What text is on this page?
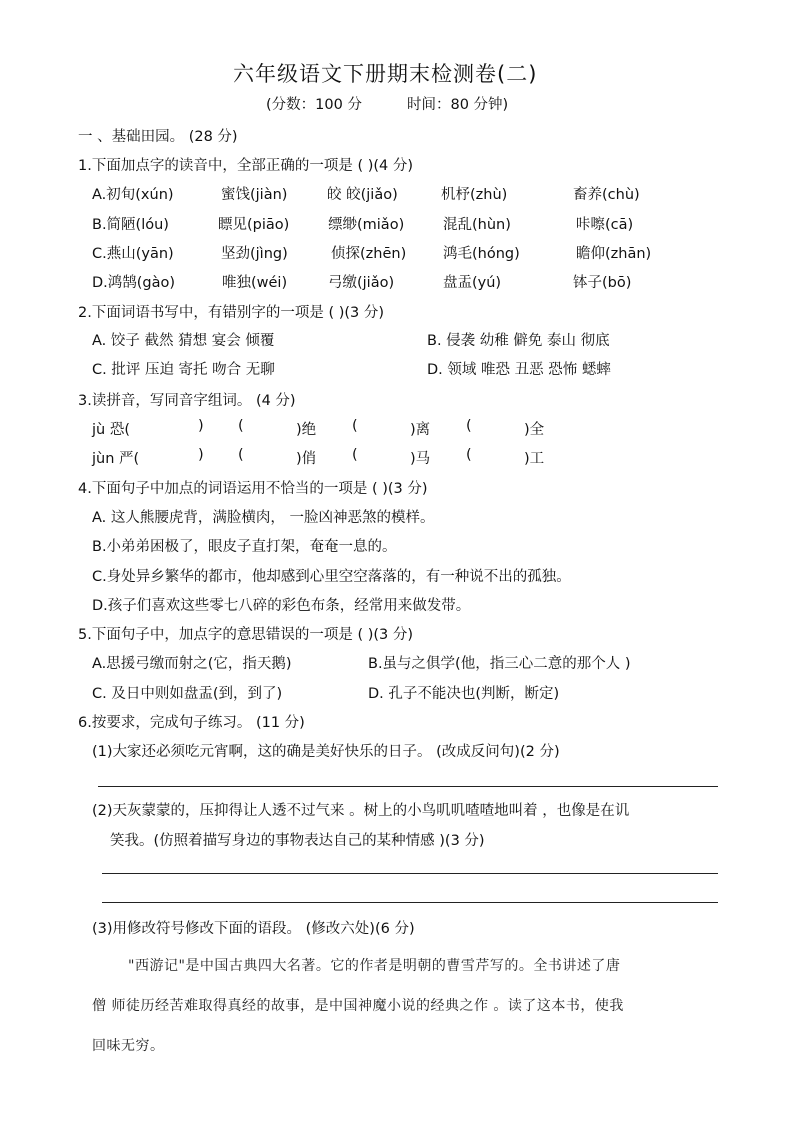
六年级语文下册期末检测卷(二)
(分数：100 分	时间：80 分钟)
一 、基础田园。 (28 分)
1.下面加点字的读音中，全部正确的一项是 ( )(4 分)
A.初旬(xún)	蜜饯(jiàn)	皎 皎(jiǎo)	机杼(zhù)	畜养(chù)
B.简陋(lóu)	瞟见(piāo)	缥缈(miǎo)	混乱(hùn)	咔嚓(cā)
C.燕山(yān)	坚劲(jìng)	侦探(zhēn)	鸿毛(hóng)	瞻仰(zhān)
D.鸿鹄(gào)	唯独(wéi)	弓缴(jiǎo)	盘盂(yú)	钵子(bō)
2.下面词语书写中，有错别字的一项是 ( )(3 分)
A. 饺子 截然 猜想 宴会 倾覆	B. 侵袭 幼稚 僻免 泰山 彻底
C. 批评 压迫 寄托 吻合 无聊	D. 领域 唯恐 丑恶 恐怖 蟋蟀
3.读拼音，写同音字组词。 (4 分)
jù 恐(	) (	)绝 (	)离 (	)全
jùn 严(	) (	)俏 (	)马 (	)工
4.下面句子中加点的词语运用不恰当的一项是 ( )(3 分)
A. 这人熊腰虎背，满脸横肉， 一脸凶神恶煞的模样。
B.小弟弟困极了，眼皮子直打架，奄奄一息的。
C.身处异乡繁华的都市，他却感到心里空空落落的，有一种说不出的孤独。
D.孩子们喜欢这些零七八碎的彩色布条，经常用来做发带。
5.下面句子中，加点字的意思错误的一项是 ( )(3 分)
A.思援弓缴而射之(它，指天鹅)	B.虽与之俱学(他，指三心二意的那个人 )
C. 及日中则如盘盂(到，到了)	D. 孔子不能决也(判断，断定)
6.按要求，完成句子练习。 (11 分)
(1)大家还必须吃元宵啊，这的确是美好快乐的日子。 (改成反问句)(2 分)
(2)天灰蒙蒙的，压抑得让人透不过气来 。树上的小鸟叽叽喳喳地叫着 ，也像是在讥
笑我。(仿照着描写身边的事物表达自己的某种情感 )(3 分)
(3)用修改符号修改下面的语段。 (修改六处)(6 分)
"西游记"是中国古典四大名著。它的作者是明朝的曹雪芹写的。全书讲述了唐
僧 师徒历经苦难取得真经的故事，是中国神魔小说的经典之作 。读了这本书，使我
回味无穷。
